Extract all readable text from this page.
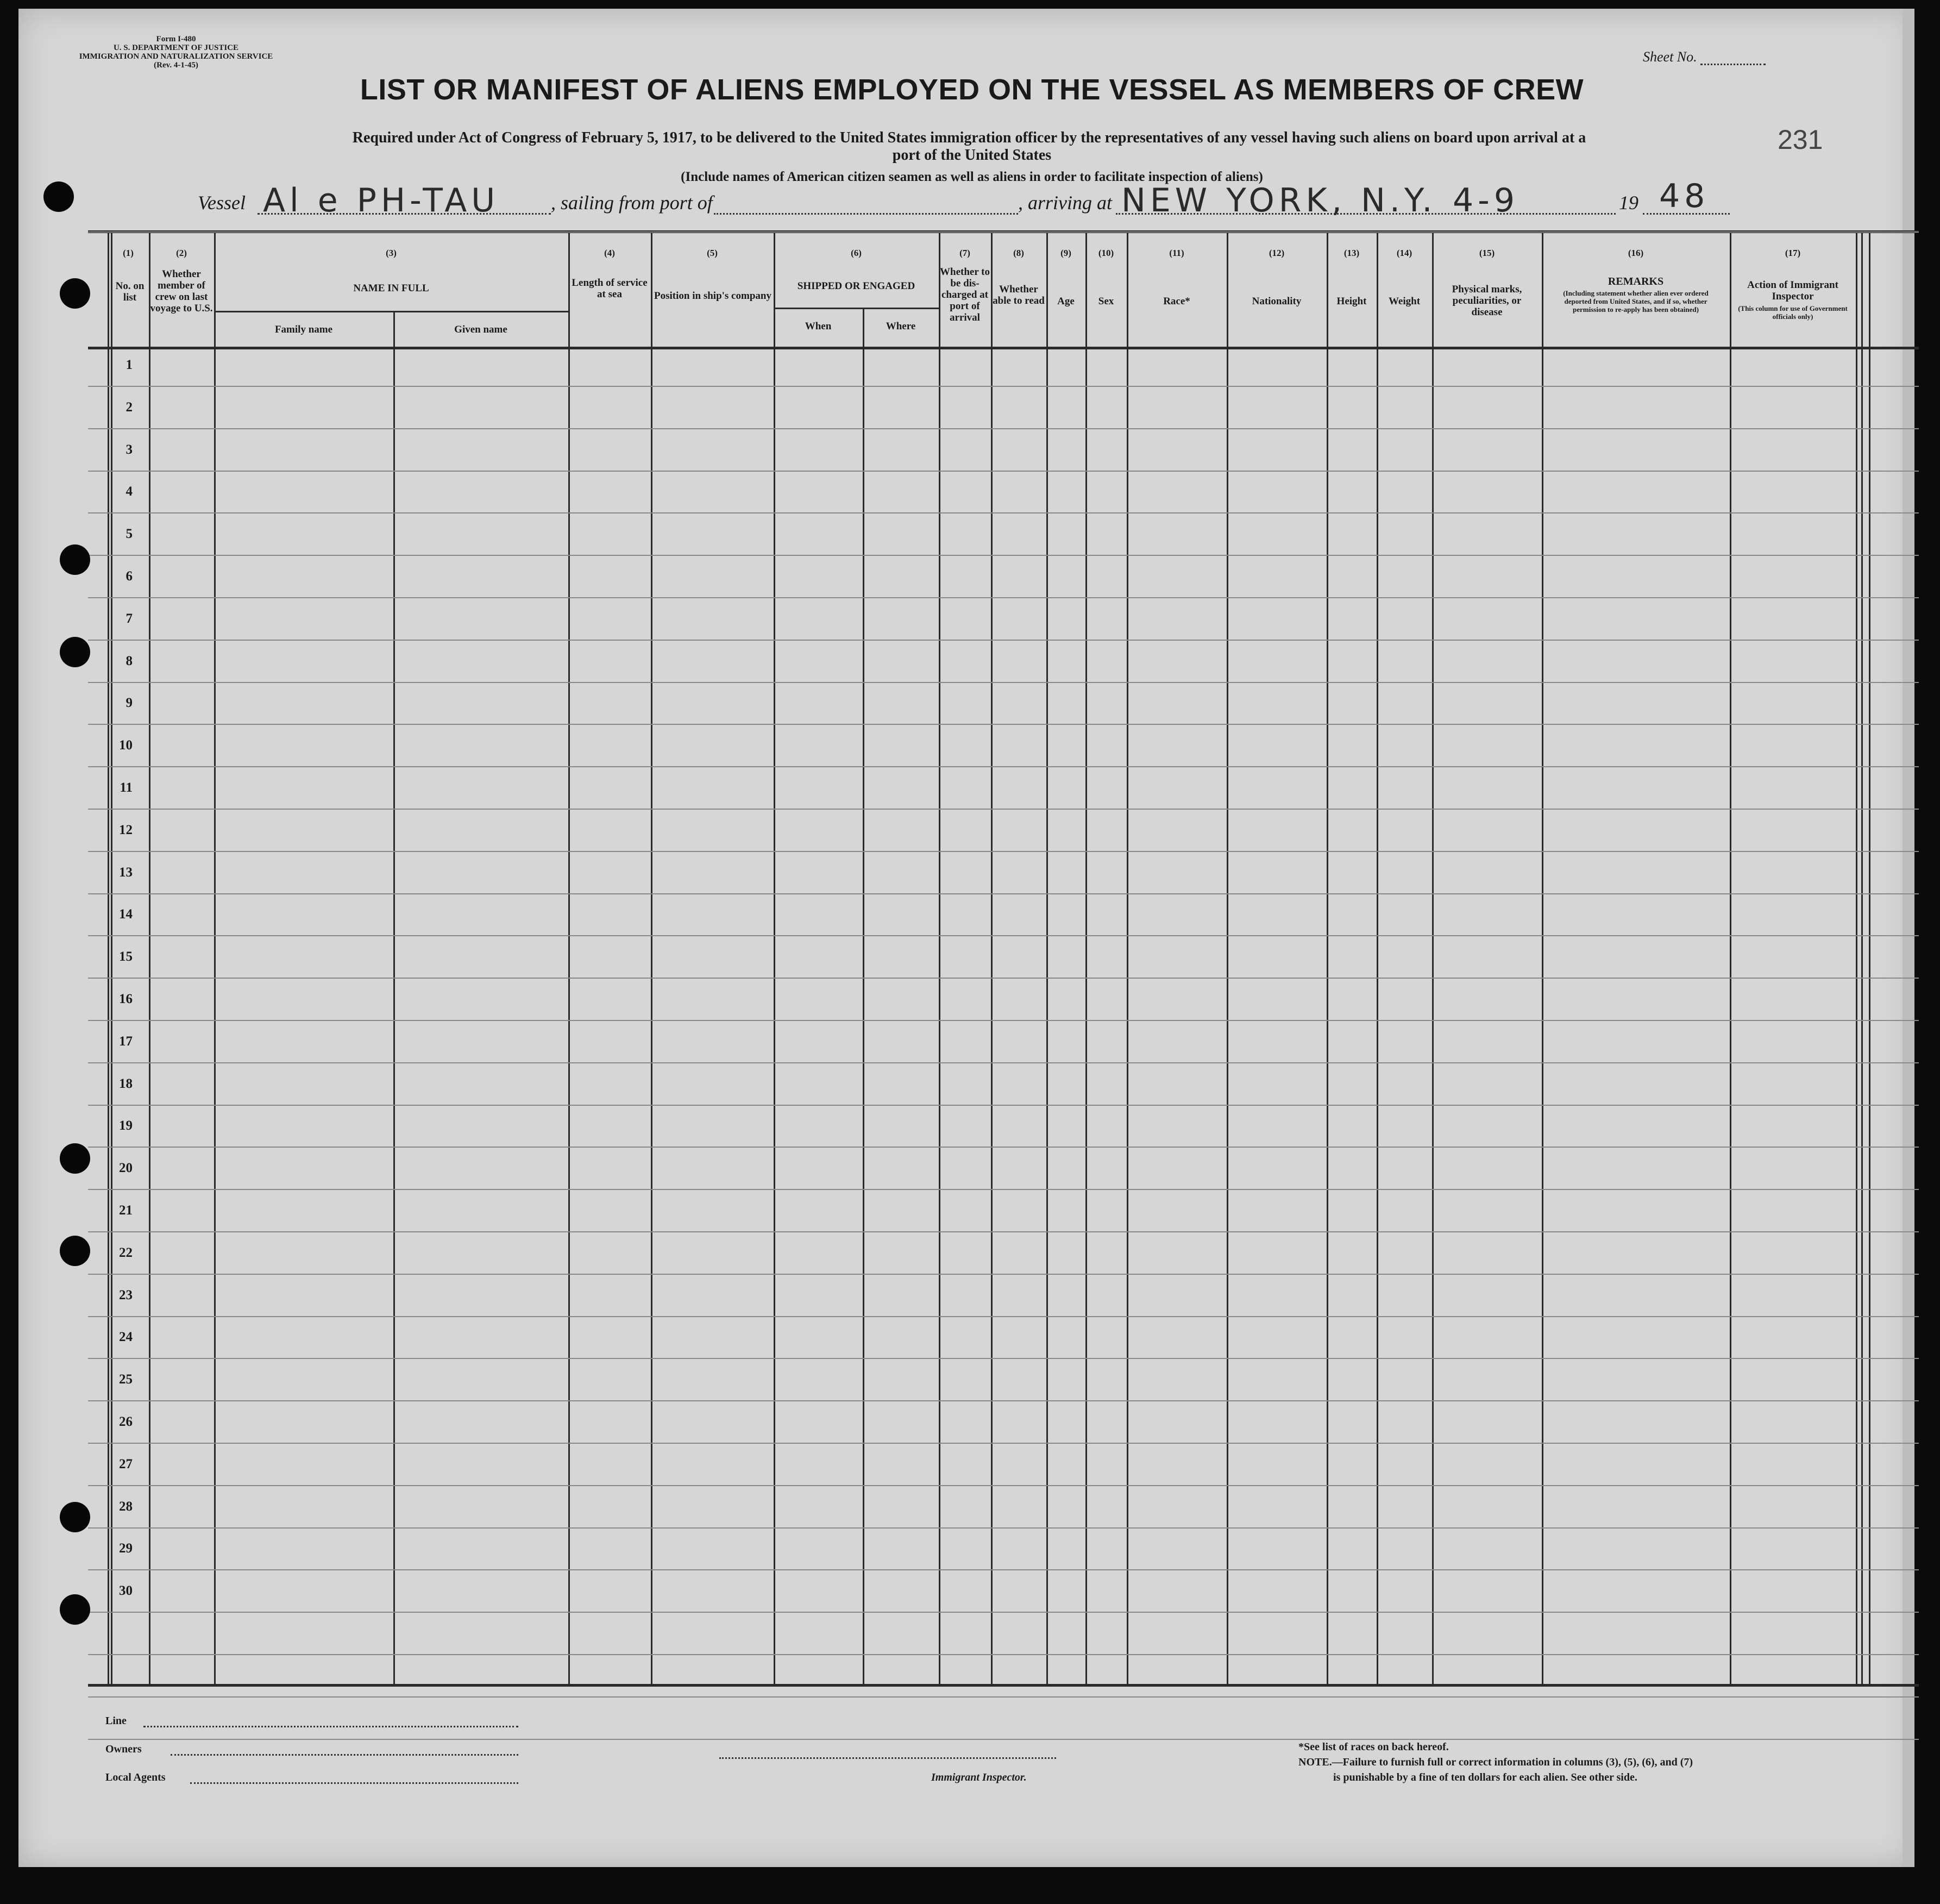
Form I-480
U. S. DEPARTMENT OF JUSTICE
IMMIGRATION AND NATURALIZATION SERVICE
(Rev. 4-1-45)
Sheet No.
LIST OR MANIFEST OF ALIENS EMPLOYED ON THE VESSEL AS MEMBERS OF CREW
Required under Act of Congress of February 5, 1917, to be delivered to the United States immigration officer by the representatives of any vessel having such aliens on board upon arrival at a
port of the United States
(Include names of American citizen seamen as well as aliens in order to facilitate inspection of aliens)
231
Vessel Al e PH-TAU	, sailing from port of	, arriving at NEW YORK, N.Y. 4-9	19 48
(1)	(2)	(3)	(4)	(5)	(6)	(7)	(8)	(9)	(10)	(11)	(12)	(13)	(14)	(15)	(16)	(17)
No. on list
Whether member of crew on last voyage to U.S.
NAME IN FULL
Family name	Given name
Length of service at sea	Position in ship's company
SHIPPED OR ENGAGED
When	Where
Whether to be dis-charged at port of arrival
Whether able to read	Age	Sex	Race*	Nationality	Height	Weight
Physical marks, peculiarities, or disease
REMARKS
(Including statement whether alien ever ordered deported from United States, and if so, whether permission to re-apply has been obtained)
Action of Immigrant Inspector
(This column for use of Government officials only)
1
2
3
4
5
6
7
8
9
10
11
12
13
14
15
16
17
18
19
20
21
22
23
24
25
26
27
28
29
30
Line
Owners
Local Agents	Immigrant Inspector.
*See list of races on back hereof.
NOTE.—Failure to furnish full or correct information in columns (3), (5), (6), and (7)
is punishable by a fine of ten dollars for each alien. See other side.
